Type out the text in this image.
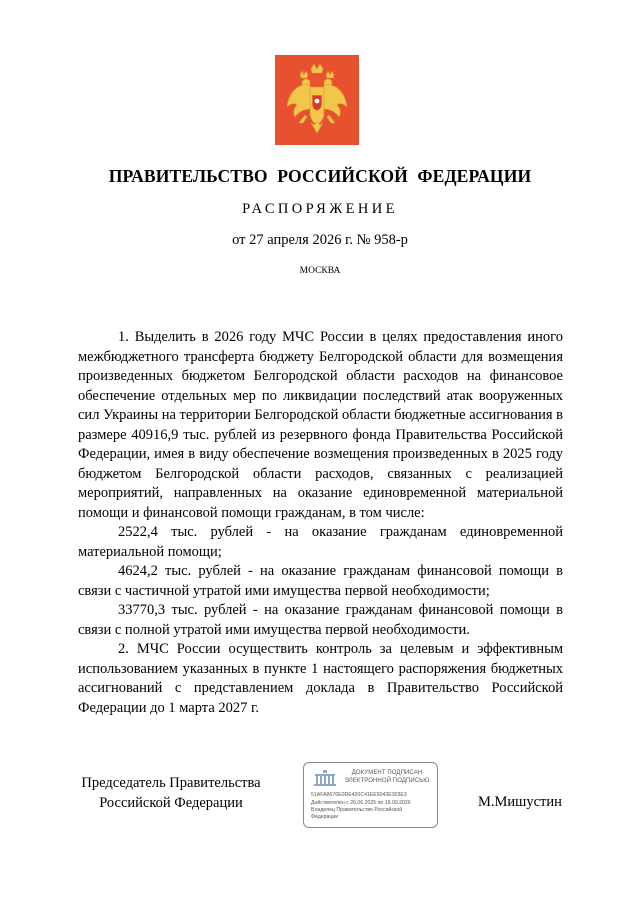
ПРАВИТЕЛЬСТВО РОССИЙСКОЙ ФЕДЕРАЦИИ
РАСПОРЯЖЕНИЕ
от 27 апреля 2026 г. № 958-р
МОСКВА

1. Выделить в 2026 году МЧС России в целях предоставления иного межбюджетного трансферта бюджету Белгородской области для возмещения произведенных бюджетом Белгородской области расходов на финансовое обеспечение отдельных мер по ликвидации последствий атак вооруженных сил Украины на территории Белгородской области бюджетные ассигнования в размере 40916,9 тыс. рублей из резервного фонда Правительства Российской Федерации, имея в виду обеспечение возмещения произведенных в 2025 году бюджетом Белгородской области расходов, связанных с реализацией мероприятий, направленных на оказание единовременной материальной помощи и финансовой помощи гражданам, в том числе:

2522,4 тыс. рублей - на оказание гражданам единовременной материальной помощи;

4624,2 тыс. рублей - на оказание гражданам финансовой помощи в связи с частичной утратой ими имущества первой необходимости;

33770,3 тыс. рублей - на оказание гражданам финансовой помощи в связи с полной утратой ими имущества первой необходимости.

2. МЧС России осуществить контроль за целевым и эффективным использованием указанных в пункте 1 настоящего распоряжения бюджетных ассигнований с представлением доклада в Правительство Российской Федерации до 1 марта 2027 г.

Председатель Правительства
Российской Федерации
ДОКУМЕНТ ПОДПИСАН
ЭЛЕКТРОННОЙ ПОДПИСЬЮ
51AFA8676E0DE420C41EE5043E303E3
Действителен с 26.06.2025 по 19.09.2026
Владелец Правительство Российской
Федерации
М.Мишустин
